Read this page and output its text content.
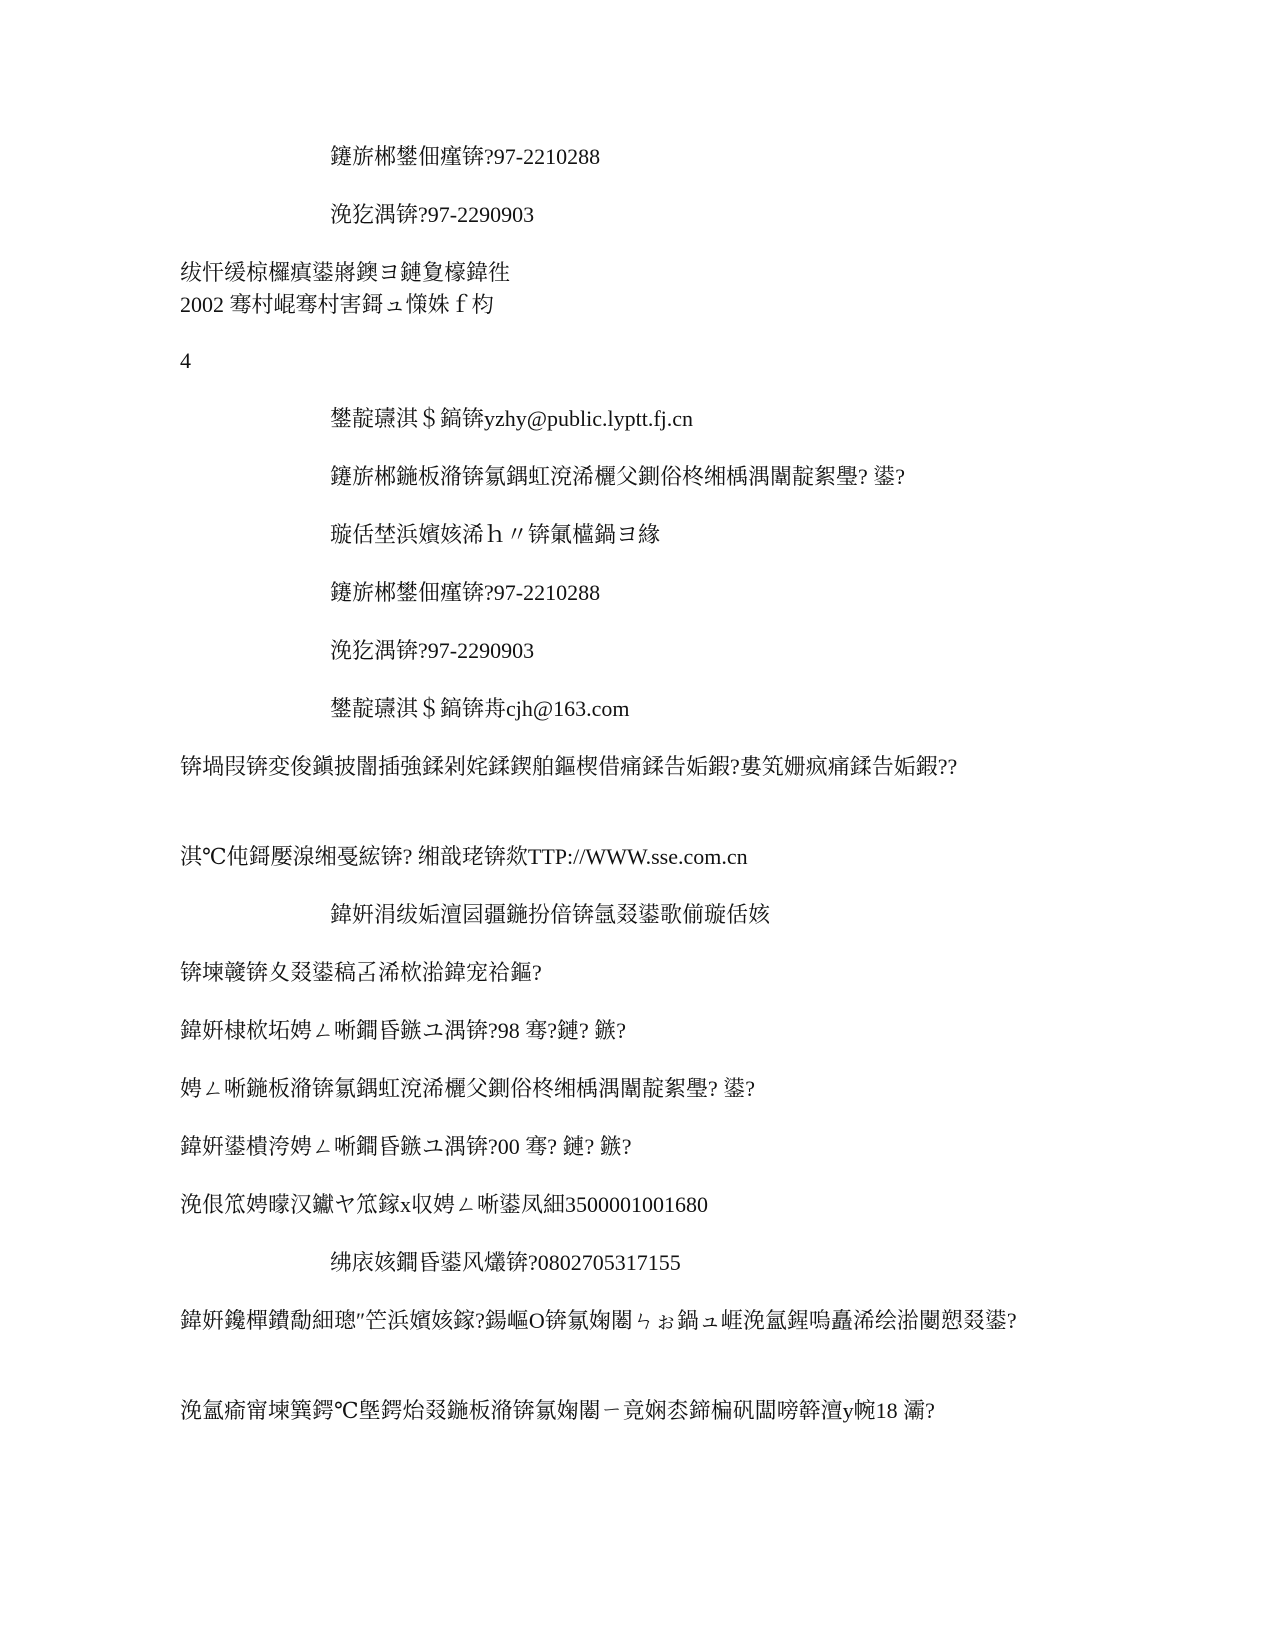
鑳旂郴鐢佃瘽锛?97-2210288
浼犵湡锛?97-2290903
绂忓缓椋欏瘨鍙嶈鐭ヨ鏈夐檺鍏徃
2002 骞村崐骞村害鎶ュ憡姝ｆ枃
4
鐢靛瓙淇＄鎬锛yzhy@public.lyptt.fj.cn
鑳旂郴鍦板潃锛氱鍝虹渷浠欐父鍘俗柊缃楀湡闈靛絮璺? 鍙?
璇佸埜浜嬪姟浠ｈ〃锛氭櫙鍋ヨ緣
鑳旂郴鐢佃瘽锛?97-2210288
浼犵湡锛?97-2290903
鐢靛瓙淇＄鎬锛歬cjh@163.com
锛堝叚锛変俊鎭披闇插強鍒剁姹鍒鍥舶鏂楔借痛鍒告姤鍜?婁笂姗疯痛鍒告姤鍜??
淇℃伅鎶嬮湶缃戞綋锛? 缃戠珯锛欻TTP://WWW.sse.com.cn
鍏姸涓绂姤澶囩疆鍦扮偣锛氬叕鍙歌偂璇佸姟
锛堜竷锛夊叕鍙稿叾浠栨湁鍏宠祫鏂?
鍏姸棣栨坧娉ㄥ唽鐧昏鏃ユ湡锛?98 骞?鏈? 鏃?
娉ㄥ唽鍦板潃锛氱鍝虹渷浠欐父鍘俗柊缃楀湡闈靛絮璺? 鍙?
鍏姸鍙樻洿娉ㄥ唽鐧昏鏃ユ湡锛?00 骞? 鏈? 鏃?
浼佷笟娉曚汉钀ヤ笟鎵х収娉ㄥ唽鍙凤細3500001001680
绋庡姟鐧昏鍙风爜锛?0802705317155
鍏姸鑱樿鐨勪細璁″笀浜嬪姟鎵?鍚嶇О锛氱婅闂ㄣぉ鍋ュ崕浼氳鍟嗚矗浠绘湁闄愬叕鍙?
浼氳瘉甯堜簨鍔℃墍鍔炲叕鍦板潃锛氱婅闂ㄧ竟娴枩鍗楄矾闆嗙簳澶у帵18 灞?
